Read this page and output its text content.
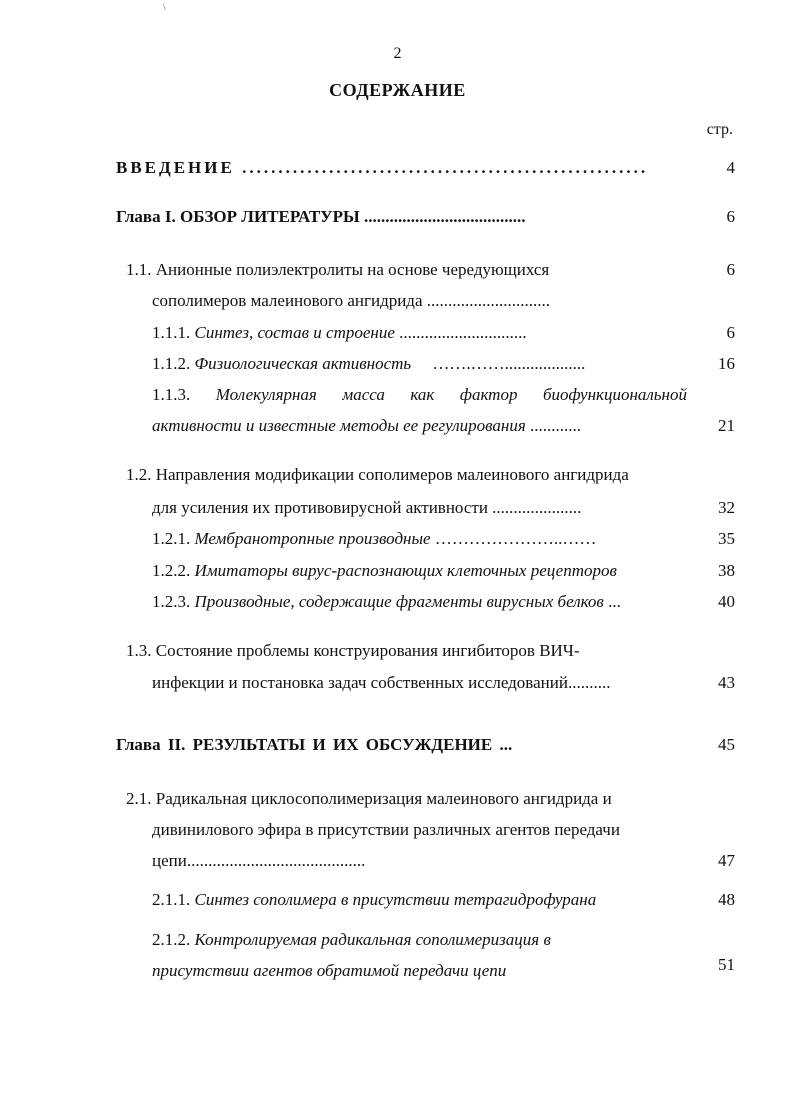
\
2
СОДЕРЖАНИЕ
стр.
ВВЕДЕНИЕ ........................................................	4
Глава I. ОБЗОР ЛИТЕРАТУРЫ ......................................	6
1.1. Анионные полиэлектролиты на основе чередующихся	6
сополимеров малеинового ангидрида .............................
1.1.1. Синтез, состав и строение ..............................	6
1.1.2. Физиологическая активность …….……...................	16
1.1.3. Молекулярная масса как фактор биофункциональной
активности и известные методы ее регулирования ............	21
1.2. Направления модификации сополимеров малеинового ангидрида
для усиления их противовирусной активности .....................	32
1.2.1. Мембранотропные производные …………………..……	35
1.2.2. Имитаторы вирус-распознающих клеточных рецепторов	38
1.2.3. Производные, содержащие фрагменты вирусных белков ...	40
1.3. Состояние проблемы конструирования ингибиторов ВИЧ-
инфекции и постановка задач собственных исследований..........	43
Глава II. РЕЗУЛЬТАТЫ И ИХ ОБСУЖДЕНИЕ ...	45
2.1. Радикальная циклосополимеризация малеинового ангидрида и
дивинилового эфира в присутствии различных агентов передачи
цепи..........................................	47
2.1.1. Синтез сополимера в присутствии тетрагидрофурана	48
2.1.2. Контролируемая радикальная сополимеризация в
присутствии агентов обратимой передачи цепи	51
